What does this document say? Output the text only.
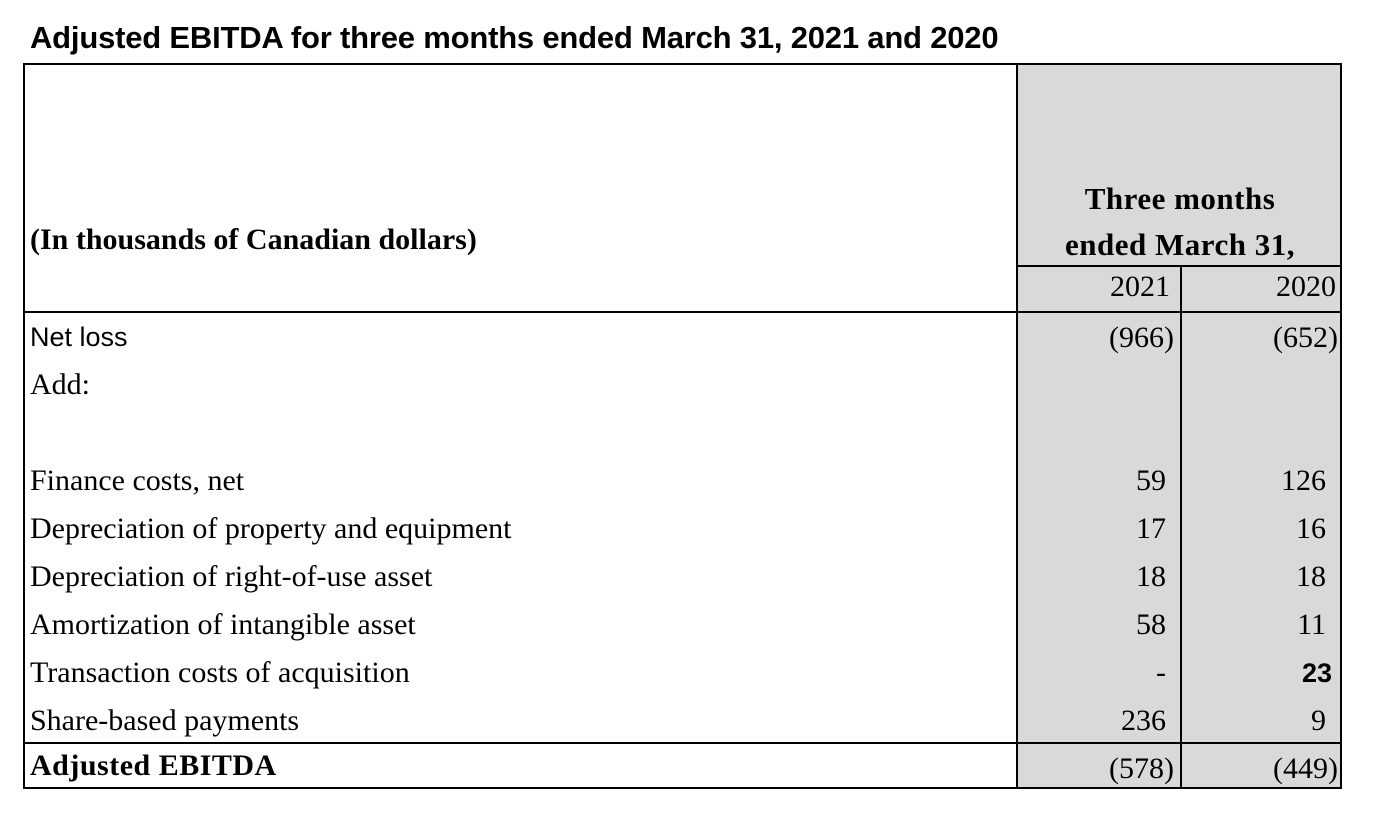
Adjusted EBITDA for three months ended March 31, 2021 and 2020
(In thousands of Canadian dollars)
Three months
ended March 31,
2021	2020
Net loss	(966)	(652)
Add:
Finance costs, net	59	126
Depreciation of property and equipment	17	16
Depreciation of right-of-use asset	18	18
Amortization of intangible asset	58	11
Transaction costs of acquisition	-	23
Share-based payments	236	9
Adjusted EBITDA	(578)	(449)
